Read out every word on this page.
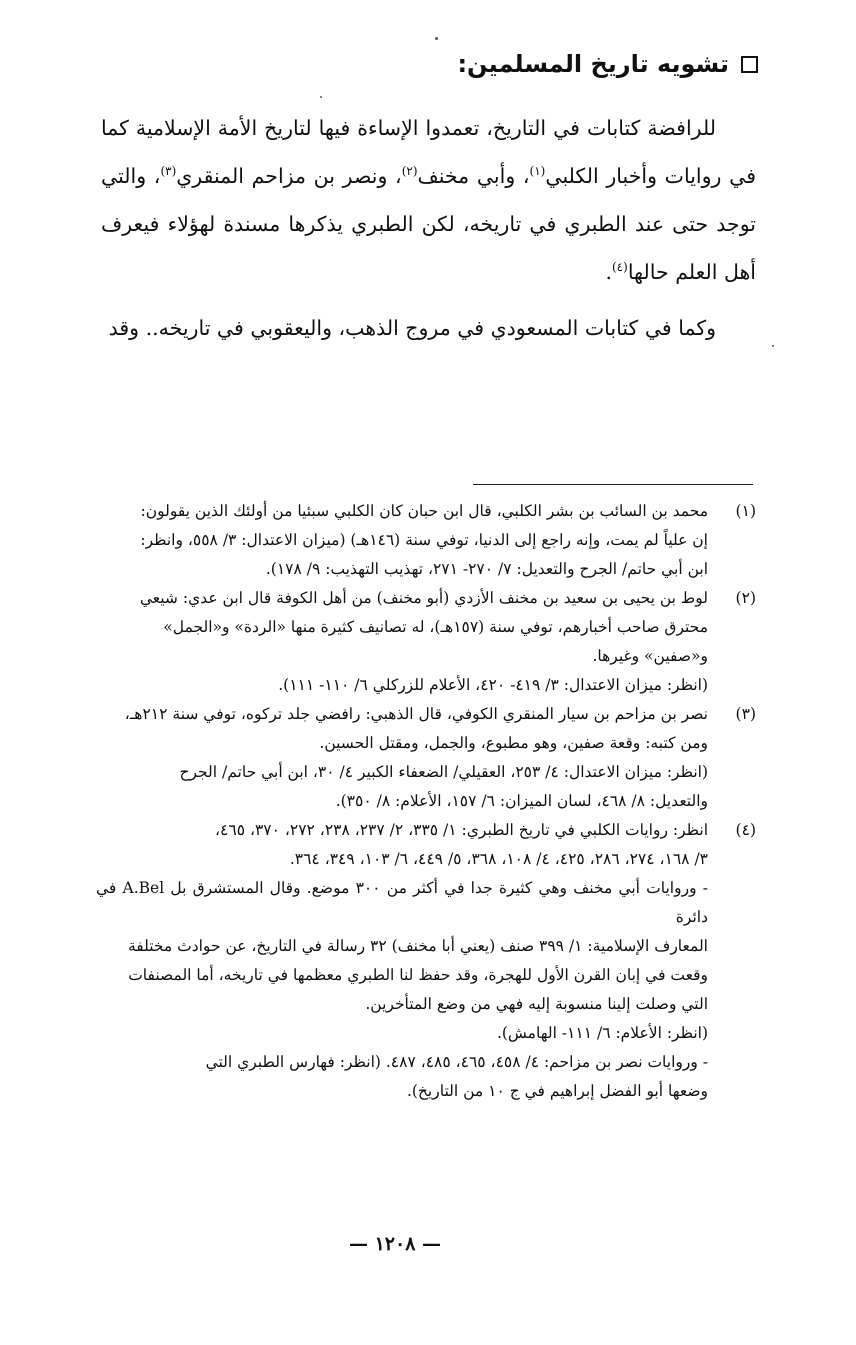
تشويه تاريخ المسلمين:

للرافضة كتابات في التاريخ، تعمدوا الإساءة فيها لتاريخ الأمة الإسلامية كما في روايات وأخبار الكلبي$^{(١)}$، وأبي مخنف$^{(٢)}$، ونصر بن مزاحم المنقري$^{(٣)}$، والتي توجد حتى عند الطبري في تاريخه، لكن الطبري يذكرها مسندة لهؤلاء فيعرف أهل العلم حالها$^{(٤)}$.

وكما في كتابات المسعودي في مروج الذهب، واليعقوبي في تاريخه.. وقد

(١)
محمد بن السائب بن بشر الكلبي، قال ابن حبان كان الكلبي سبئيا من أولئك الذين يقولون:
إن علياً لم يمت، وإنه راجع إلى الدنيا، توفي سنة (١٤٦هـ) (ميزان الاعتدال: ٣/ ٥٥٨، وانظر:
ابن أبي حاتم/ الجرح والتعديل: ٧/ ٢٧٠- ٢٧١، تهذيب التهذيب: ٩/ ١٧٨).
(٢)
لوط بن يحيى بن سعيد بن مخنف الأزدي (أبو مخنف) من أهل الكوفة قال ابن عدي: شيعي
محترق صاحب أخبارهم، توفي سنة (١٥٧هـ)، له تصانيف كثيرة منها «الردة» و«الجمل»
و«صفين» وغيرها.
(انظر: ميزان الاعتدال: ٣/ ٤١٩- ٤٢٠، الأعلام للزركلي ٦/ ١١٠- ١١١).
(٣)
نصر بن مزاحم بن سيار المنقري الكوفي، قال الذهبي: رافضي جلد تركوه، توفي سنة ٢١٢هـ،
ومن كتبه: وقعة صفين، وهو مطبوع، والجمل، ومقتل الحسين.
(انظر: ميزان الاعتدال: ٤/ ٢٥٣، العقيلي/ الضعفاء الكبير ٤/ ٣٠، ابن أبي حاتم/ الجرح
والتعديل: ٨/ ٤٦٨، لسان الميزان: ٦/ ١٥٧، الأعلام: ٨/ ٣٥٠).
(٤)
انظر: روايات الكلبي في تاريخ الطبري: ١/ ٣٣٥، ٢/ ٢٣٧، ٢٣٨، ٢٧٢، ٣٧٠، ٤٦٥،
٣/ ١٦٨، ٢٧٤، ٢٨٦، ٤٢٥، ٤/ ١٠٨، ٣٦٨، ٥/ ٤٤٩، ٦/ ١٠٣، ٣٤٩، ٣٦٤.
- وروايات أبي مخنف وهي كثيرة جدا في أكثر من ٣٠٠ موضع. وقال المستشرق بل A.Bel في دائرة
المعارف الإسلامية: ١/ ٣٩٩ صنف (يعني أبا مخنف) ٣٢ رسالة في التاريخ، عن حوادث مختلفة
وقعت في إبان القرن الأول للهجرة، وقد حفظ لنا الطبري معظمها في تاريخه، أما المصنفات
التي وصلت إلينا منسوبة إليه فهي من وضع المتأخرين.
(انظر: الأعلام: ٦/ ١١١- الهامش).
- وروايات نصر بن مزاحم: ٤/ ٤٥٨، ٤٦٥، ٤٨٥، ٤٨٧. (انظر: فهارس الطبري التي
وضعها أبو الفضل إبراهيم في ج ١٠ من التاريخ).
— ١٢٠٨ —
